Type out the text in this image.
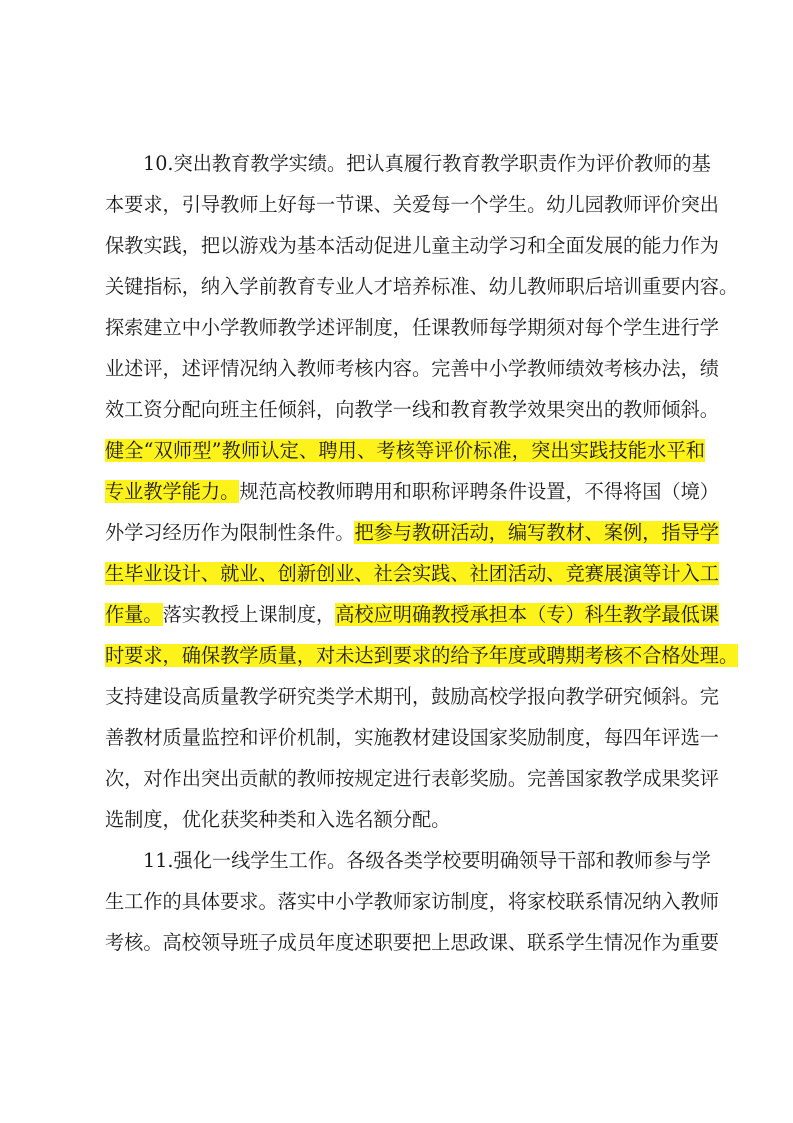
10.突出教育教学实绩。把认真履行教育教学职责作为评价教师的基
本要求，引导教师上好每一节课、关爱每一个学生。幼儿园教师评价突出
保教实践，把以游戏为基本活动促进儿童主动学习和全面发展的能力作为
关键指标，纳入学前教育专业人才培养标准、幼儿教师职后培训重要内容。
探索建立中小学教师教学述评制度，任课教师每学期须对每个学生进行学
业述评，述评情况纳入教师考核内容。完善中小学教师绩效考核办法，绩
效工资分配向班主任倾斜，向教学一线和教育教学效果突出的教师倾斜。
健全“双师型”教师认定、聘用、考核等评价标准，突出实践技能水平和
专业教学能力。规范高校教师聘用和职称评聘条件设置，不得将国（境）
外学习经历作为限制性条件。把参与教研活动，编写教材、案例，指导学
生毕业设计、就业、创新创业、社会实践、社团活动、竞赛展演等计入工
作量。落实教授上课制度，高校应明确教授承担本（专）科生教学最低课
时要求，确保教学质量，对未达到要求的给予年度或聘期考核不合格处理。
支持建设高质量教学研究类学术期刊，鼓励高校学报向教学研究倾斜。完
善教材质量监控和评价机制，实施教材建设国家奖励制度，每四年评选一
次，对作出突出贡献的教师按规定进行表彰奖励。完善国家教学成果奖评
选制度，优化获奖种类和入选名额分配。
11.强化一线学生工作。各级各类学校要明确领导干部和教师参与学
生工作的具体要求。落实中小学教师家访制度，将家校联系情况纳入教师
考核。高校领导班子成员年度述职要把上思政课、联系学生情况作为重要
